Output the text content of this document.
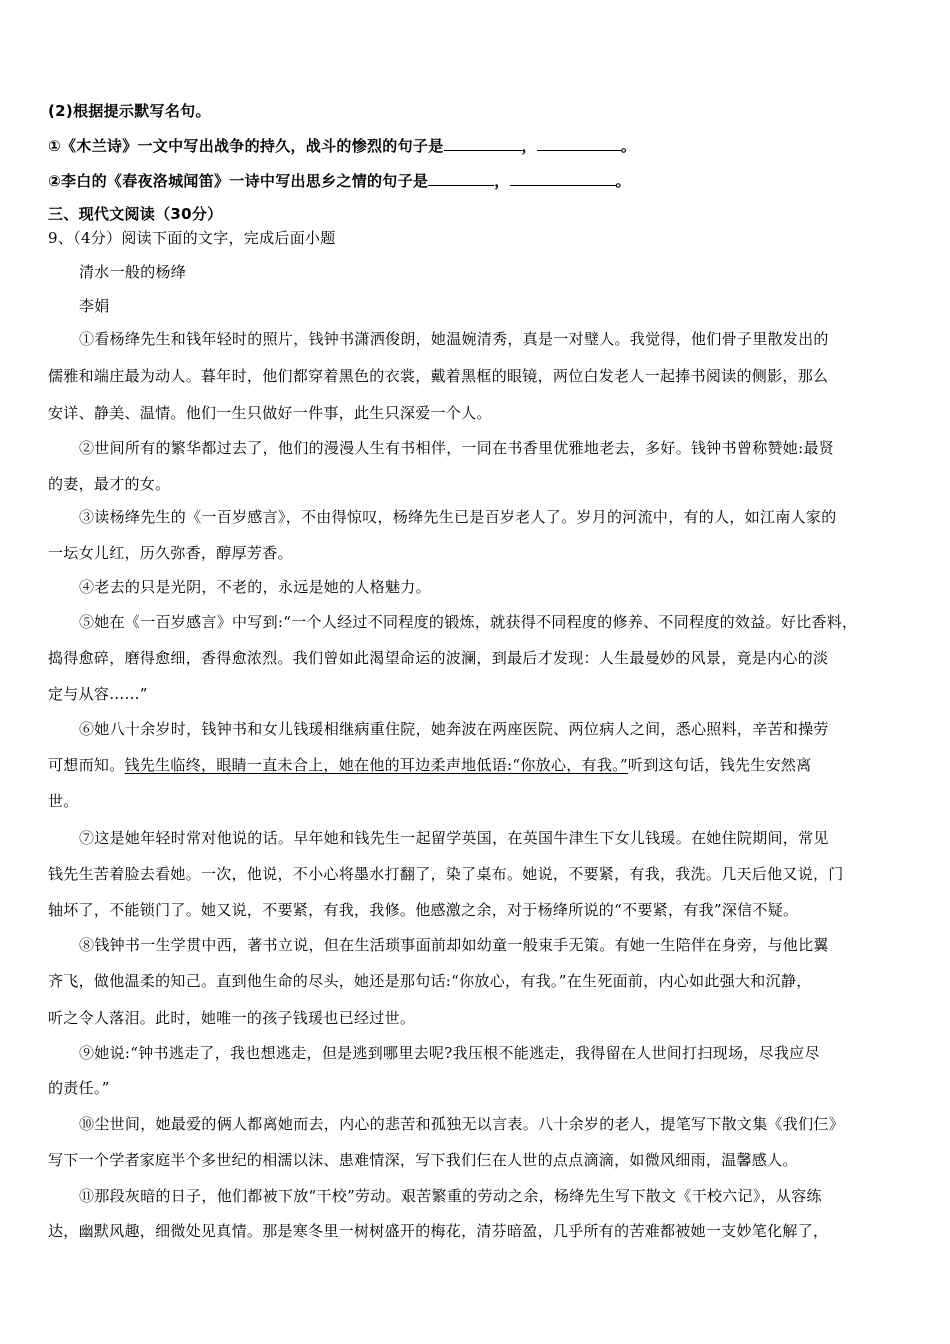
(2)根据提示默写名句。
①《木兰诗》一文中写出战争的持久，战斗的惨烈的句子是	，	。
②李白的《春夜洛城闻笛》一诗中写出思乡之情的句子是	，	。
三、现代文阅读（30分）
9、（4分）阅读下面的文字，完成后面小题
清水一般的杨绛
李娟
①看杨绛先生和钱年轻时的照片，钱钟书潇洒俊朗，她温婉清秀，真是一对璧人。我觉得，他们骨子里散发出的
儒雅和端庄最为动人。暮年时，他们都穿着黑色的衣裳，戴着黑框的眼镜，两位白发老人一起捧书阅读的侧影，那么
安详、静美、温情。他们一生只做好一件事，此生只深爱一个人。
②世间所有的繁华都过去了，他们的漫漫人生有书相伴，一同在书香里优雅地老去，多好。钱钟书曾称赞她:最贤
的妻，最才的女。
③读杨绛先生的《一百岁感言》，不由得惊叹，杨绛先生已是百岁老人了。岁月的河流中，有的人，如江南人家的
一坛女儿红，历久弥香，醇厚芳香。
④老去的只是光阴，不老的，永远是她的人格魅力。
⑤她在《一百岁感言》中写到:“一个人经过不同程度的锻炼，就获得不同程度的修养、不同程度的效益。好比香料，
捣得愈碎，磨得愈细，香得愈浓烈。我们曾如此渴望命运的波澜，到最后才发现：人生最曼妙的风景，竟是内心的淡
定与从容……”
⑥她八十余岁时，钱钟书和女儿钱瑗相继病重住院，她奔波在两座医院、两位病人之间，悉心照料，辛苦和操劳
可想而知。钱先生临终，眼睛一直未合上，她在他的耳边柔声地低语:“你放心，有我。”听到这句话，钱先生安然离
世。
⑦这是她年轻时常对他说的话。早年她和钱先生一起留学英国，在英国牛津生下女儿钱瑗。在她住院期间，常见
钱先生苦着脸去看她。一次，他说，不小心将墨水打翻了，染了桌布。她说，不要紧，有我，我洗。几天后他又说，门
轴坏了，不能锁门了。她又说，不要紧，有我，我修。他感激之余，对于杨绛所说的“不要紧，有我”深信不疑。
⑧钱钟书一生学贯中西，著书立说，但在生活琐事面前却如幼童一般束手无策。有她一生陪伴在身旁，与他比翼
齐飞，做他温柔的知己。直到他生命的尽头，她还是那句话:“你放心，有我。”在生死面前，内心如此强大和沉静，
听之令人落泪。此时，她唯一的孩子钱瑗也已经过世。
⑨她说:“钟书逃走了，我也想逃走，但是逃到哪里去呢?我压根不能逃走，我得留在人世间打扫现场，尽我应尽
的责任。”
⑩尘世间，她最爱的俩人都离她而去，内心的悲苦和孤独无以言表。八十余岁的老人，提笔写下散文集《我们仨》
写下一个学者家庭半个多世纪的相濡以沫、患难情深，写下我们仨在人世的点点滴滴，如微风细雨，温馨感人。
⑪那段灰暗的日子，他们都被下放“干校”劳动。艰苦繁重的劳动之余，杨绛先生写下散文《干校六记》，从容练
达，幽默风趣，细微处见真情。那是寒冬里一树树盛开的梅花，清芬暗盈，几乎所有的苦难都被她一支妙笔化解了，
